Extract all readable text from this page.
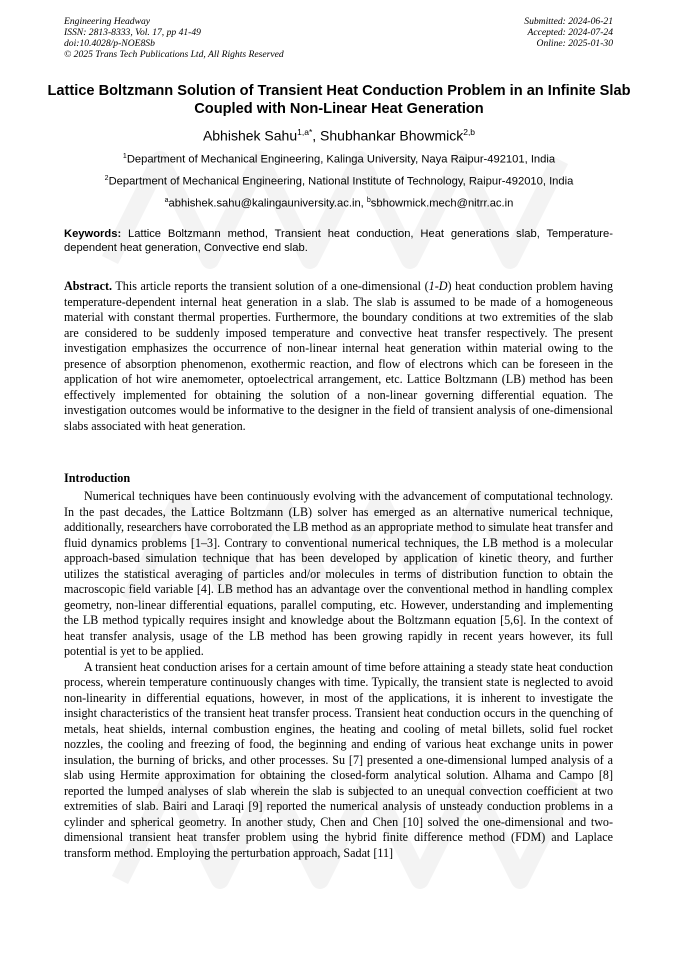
Engineering Headway
ISSN: 2813-8333, Vol. 17, pp 41-49
doi:10.4028/p-NOE8Sb
© 2025 Trans Tech Publications Ltd, All Rights Reserved
Submitted: 2024-06-21
Accepted: 2024-07-24
Online: 2025-01-30
Lattice Boltzmann Solution of Transient Heat Conduction Problem in an Infinite Slab Coupled with Non-Linear Heat Generation
Abhishek Sahu$^{1,a*}$, Shubhankar Bhowmick$^{2,b}$
$^1$Department of Mechanical Engineering, Kalinga University, Naya Raipur-492101, India
$^2$Department of Mechanical Engineering, National Institute of Technology, Raipur-492010, India
$^a$abhishek.sahu@kalingauniversity.ac.in, $^b$sbhowmick.mech@nitrr.ac.in
Keywords: Lattice Boltzmann method, Transient heat conduction, Heat generations slab, Temperature-dependent heat generation, Convective end slab.
Abstract. This article reports the transient solution of a one-dimensional (1-D) heat conduction problem having temperature-dependent internal heat generation in a slab. The slab is assumed to be made of a homogeneous material with constant thermal properties. Furthermore, the boundary conditions at two extremities of the slab are considered to be suddenly imposed temperature and convective heat transfer respectively. The present investigation emphasizes the occurrence of non-linear internal heat generation within material owing to the presence of absorption phenomenon, exothermic reaction, and flow of electrons which can be foreseen in the application of hot wire anemometer, optoelectrical arrangement, etc. Lattice Boltzmann (LB) method has been effectively implemented for obtaining the solution of a non-linear governing differential equation. The investigation outcomes would be informative to the designer in the field of transient analysis of one-dimensional slabs associated with heat generation.
Introduction

Numerical techniques have been continuously evolving with the advancement of computational technology. In the past decades, the Lattice Boltzmann (LB) solver has emerged as an alternative numerical technique, additionally, researchers have corroborated the LB method as an appropriate method to simulate heat transfer and fluid dynamics problems [1–3]. Contrary to conventional numerical techniques, the LB method is a molecular approach-based simulation technique that has been developed by application of kinetic theory, and further utilizes the statistical averaging of particles and/or molecules in terms of distribution function to obtain the macroscopic field variable [4]. LB method has an advantage over the conventional method in handling complex geometry, non-linear differential equations, parallel computing, etc. However, understanding and implementing the LB method typically requires insight and knowledge about the Boltzmann equation [5,6]. In the context of heat transfer analysis, usage of the LB method has been growing rapidly in recent years however, its full potential is yet to be applied.

A transient heat conduction arises for a certain amount of time before attaining a steady state heat conduction process, wherein temperature continuously changes with time. Typically, the transient state is neglected to avoid non-linearity in differential equations, however, in most of the applications, it is inherent to investigate the insight characteristics of the transient heat transfer process. Transient heat conduction occurs in the quenching of metals, heat shields, internal combustion engines, the heating and cooling of metal billets, solid fuel rocket nozzles, the cooling and freezing of food, the beginning and ending of various heat exchange units in power insulation, the burning of bricks, and other processes. Su [7] presented a one-dimensional lumped analysis of a slab using Hermite approximation for obtaining the closed-form analytical solution. Alhama and Campo [8] reported the lumped analyses of slab wherein the slab is subjected to an unequal convection coefficient at two extremities of slab. Bairi and Laraqi [9] reported the numerical analysis of unsteady conduction problems in a cylinder and spherical geometry. In another study, Chen and Chen [10] solved the one-dimensional and two-dimensional transient heat transfer problem using the hybrid finite difference method (FDM) and Laplace transform method. Employing the perturbation approach, Sadat [11]
